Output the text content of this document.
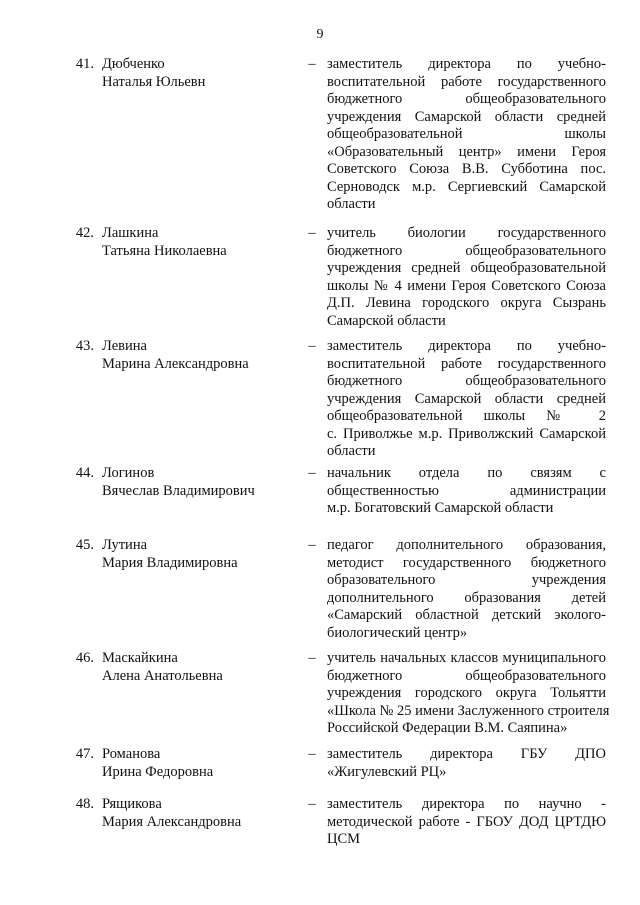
9
41. Дюбченко
Наталья Юльевн
– заместитель директора по учебно-
воспитательной работе государственного
бюджетного общеобразовательного
учреждения Самарской области средней
общеобразовательной школы
«Образовательный центр» имени Героя
Советского Союза В.В. Субботина пос.
Серноводск м.р. Сергиевский Самарской
области
42. Лашкина
Татьяна Николаевна
– учитель биологии государственного
бюджетного общеобразовательного
учреждения средней общеобразовательной
школы № 4 имени Героя Советского Союза
Д.П. Левина городского округа Сызрань
Самарской области
43. Левина
Марина Александровна
– заместитель директора по учебно-
воспитательной работе государственного
бюджетного общеобразовательного
учреждения Самарской области средней
общеобразовательной школы № 2
с. Приволжье м.р. Приволжский Самарской
области
44. Логинов
Вячеслав Владимирович
– начальник отдела по связям с
общественностью администрации
м.р. Богатовский Самарской области
45. Лутина
Мария Владимировна
– педагог дополнительного образования,
методист государственного бюджетного
образовательного учреждения
дополнительного образования детей
«Самарский областной детский эколого-
биологический центр»
46. Маскайкина
Алена Анатольевна
– учитель начальных классов муниципального
бюджетного общеобразовательного
учреждения городского округа Тольятти
«Школа № 25 имени Заслуженного строителя
Российской Федерации В.М. Саяпина»
47. Романова
Ирина Федоровна
– заместитель директора ГБУ ДПО
«Жигулевский РЦ»
48. Рящикова
Мария Александровна
– заместитель директора по научно -
методической работе - ГБОУ ДОД ЦРТДЮ
ЦСМ
